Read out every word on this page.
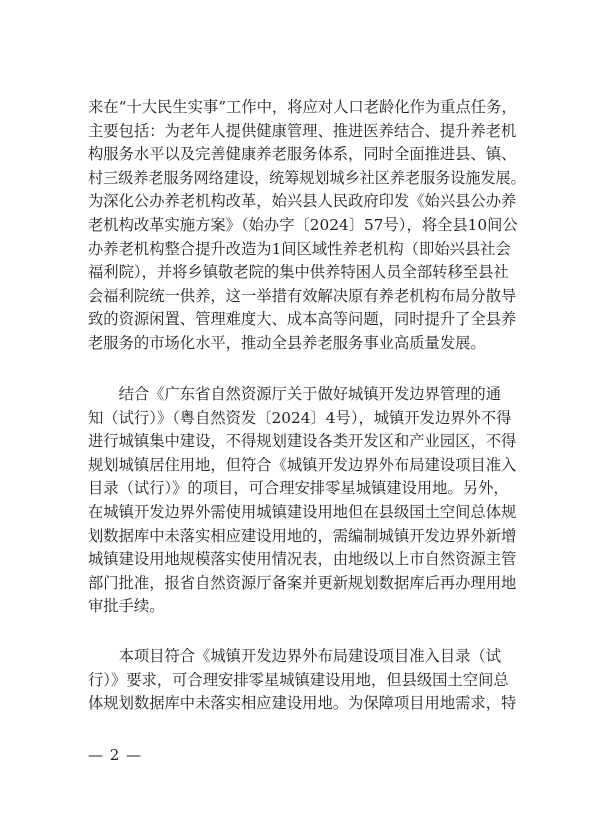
来在“十大民生实事”工作中，将应对人口老龄化作为重点任务，
主要包括：为老年人提供健康管理、推进医养结合、提升养老机
构服务水平以及完善健康养老服务体系，同时全面推进县、镇、
村三级养老服务网络建设，统筹规划城乡社区养老服务设施发展。
为深化公办养老机构改革，始兴县人民政府印发《始兴县公办养
老机构改革实施方案》（始办字〔2024〕57号），将全县10间公
办养老机构整合提升改造为1间区域性养老机构（即始兴县社会
福利院），并将乡镇敬老院的集中供养特困人员全部转移至县社
会福利院统一供养，这一举措有效解决原有养老机构布局分散导
致的资源闲置、管理难度大、成本高等问题，同时提升了全县养
老服务的市场化水平，推动全县养老服务事业高质量发展。
　　结合《广东省自然资源厅关于做好城镇开发边界管理的通
知（试行）》（粤自然资发〔2024〕4号），城镇开发边界外不得
进行城镇集中建设，不得规划建设各类开发区和产业园区，不得
规划城镇居住用地，但符合《城镇开发边界外布局建设项目准入
目录（试行）》的项目，可合理安排零星城镇建设用地。另外，
在城镇开发边界外需使用城镇建设用地但在县级国土空间总体规
划数据库中未落实相应建设用地的，需编制城镇开发边界外新增
城镇建设用地规模落实使用情况表，由地级以上市自然资源主管
部门批准，报省自然资源厅备案并更新规划数据库后再办理用地
审批手续。
　　本项目符合《城镇开发边界外布局建设项目准入目录（试
行）》要求，可合理安排零星城镇建设用地，但县级国土空间总
体规划数据库中未落实相应建设用地。为保障项目用地需求，特
— 2 —
